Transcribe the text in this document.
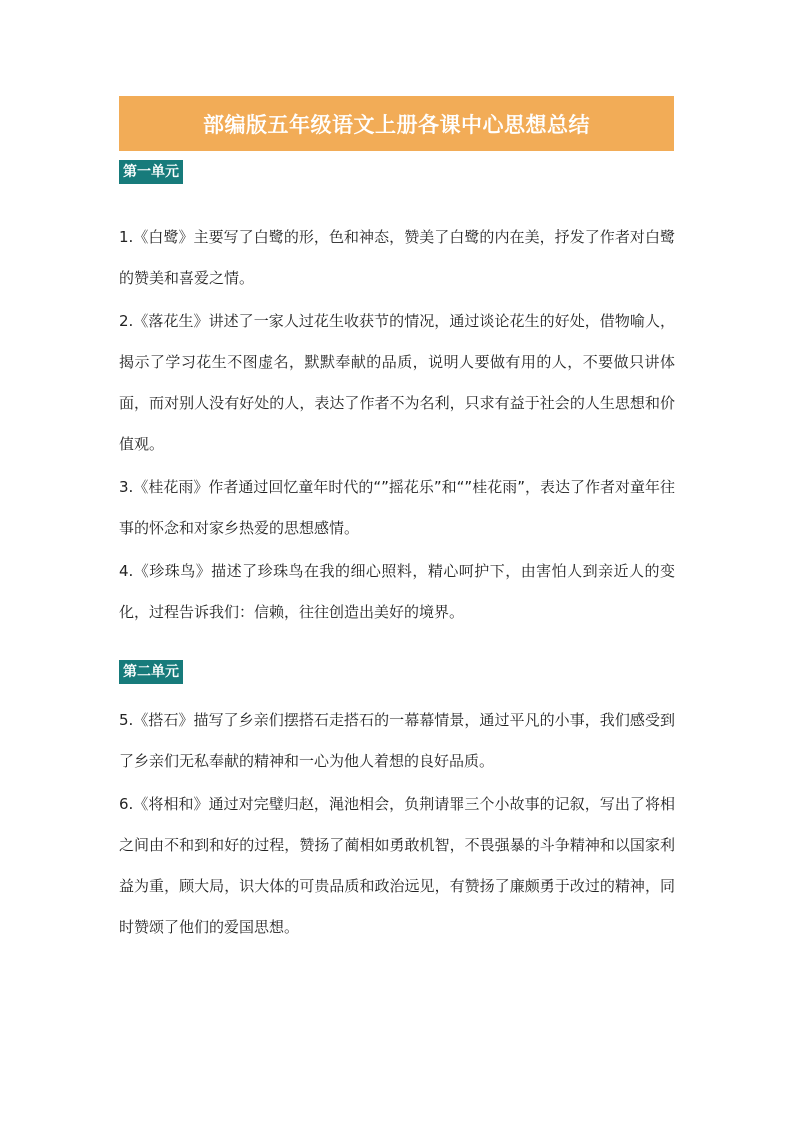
部编版五年级语文上册各课中心思想总结
第一单元

1.《白鹭》主要写了白鹭的形，色和神态，赞美了白鹭的内在美，抒发了作者对白鹭的赞美和喜爱之情。

2.《落花生》讲述了一家人过花生收获节的情况，通过谈论花生的好处，借物喻人，揭示了学习花生不图虚名，默默奉献的品质，说明人要做有用的人，不要做只讲体面，而对别人没有好处的人，表达了作者不为名利，只求有益于社会的人生思想和价值观。

3.《桂花雨》作者通过回忆童年时代的“”摇花乐”和“”桂花雨”，表达了作者对童年往事的怀念和对家乡热爱的思想感情。

4.《珍珠鸟》描述了珍珠鸟在我的细心照料，精心呵护下，由害怕人到亲近人的变化，过程告诉我们：信赖，往往创造出美好的境界。

第二单元

5.《搭石》描写了乡亲们摆搭石走搭石的一幕幕情景，通过平凡的小事，我们感受到了乡亲们无私奉献的精神和一心为他人着想的良好品质。

6.《将相和》通过对完璧归赵，渑池相会，负荆请罪三个小故事的记叙，写出了将相之间由不和到和好的过程，赞扬了蔺相如勇敢机智，不畏强暴的斗争精神和以国家利益为重，顾大局，识大体的可贵品质和政治远见，有赞扬了廉颇勇于改过的精神，同时赞颂了他们的爱国思想。
